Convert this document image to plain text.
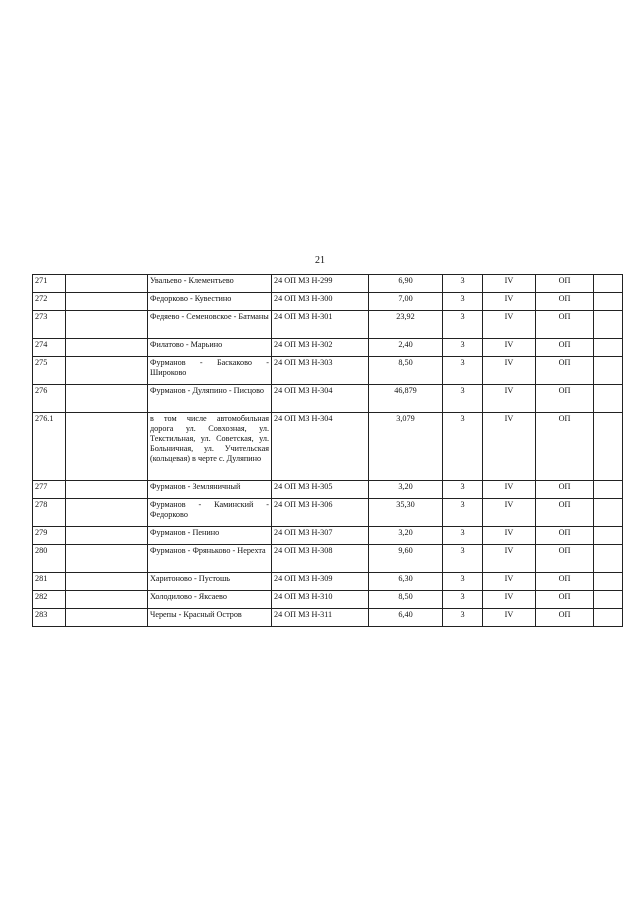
21
271		Увальево - Клементьево	24 ОП МЗ Н-299	6,90	3	IV	ОП	
272		Федорково - Кувестино	24 ОП МЗ Н-300	7,00	3	IV	ОП	
273		Федяево - Семеновское - Батманы	24 ОП МЗ Н-301	23,92	3	IV	ОП	
274		Филатово - Марьино	24 ОП МЗ Н-302	2,40	3	IV	ОП	
275		Фурманов - Баскаково - Широково	24 ОП МЗ Н-303	8,50	3	IV	ОП	
276		Фурманов - Дуляпино - Писцово	24 ОП МЗ Н-304	46,879	3	IV	ОП	
276.1		в том числе автомобильная дорога ул. Совхозная, ул. Текстильная, ул. Советская, ул. Больничная, ул. Учительская (кольцевая) в черте с. Дуляпино	24 ОП МЗ Н-304	3,079	3	IV	ОП	
277		Фурманов - Земляничный	24 ОП МЗ Н-305	3,20	3	IV	ОП	
278		Фурманов - Каминский - Федорково	24 ОП МЗ Н-306	35,30	3	IV	ОП	
279		Фурманов - Пенино	24 ОП МЗ Н-307	3,20	3	IV	ОП	
280		Фурманов - Фряньково - Нерехта	24 ОП МЗ Н-308	9,60	3	IV	ОП	
281		Харитоново - Пустошь	24 ОП МЗ Н-309	6,30	3	IV	ОП	
282		Холодилово - Яксаево	24 ОП МЗ Н-310	8,50	3	IV	ОП	
283		Черепы - Красный Остров	24 ОП МЗ Н-311	6,40	3	IV	ОП	
